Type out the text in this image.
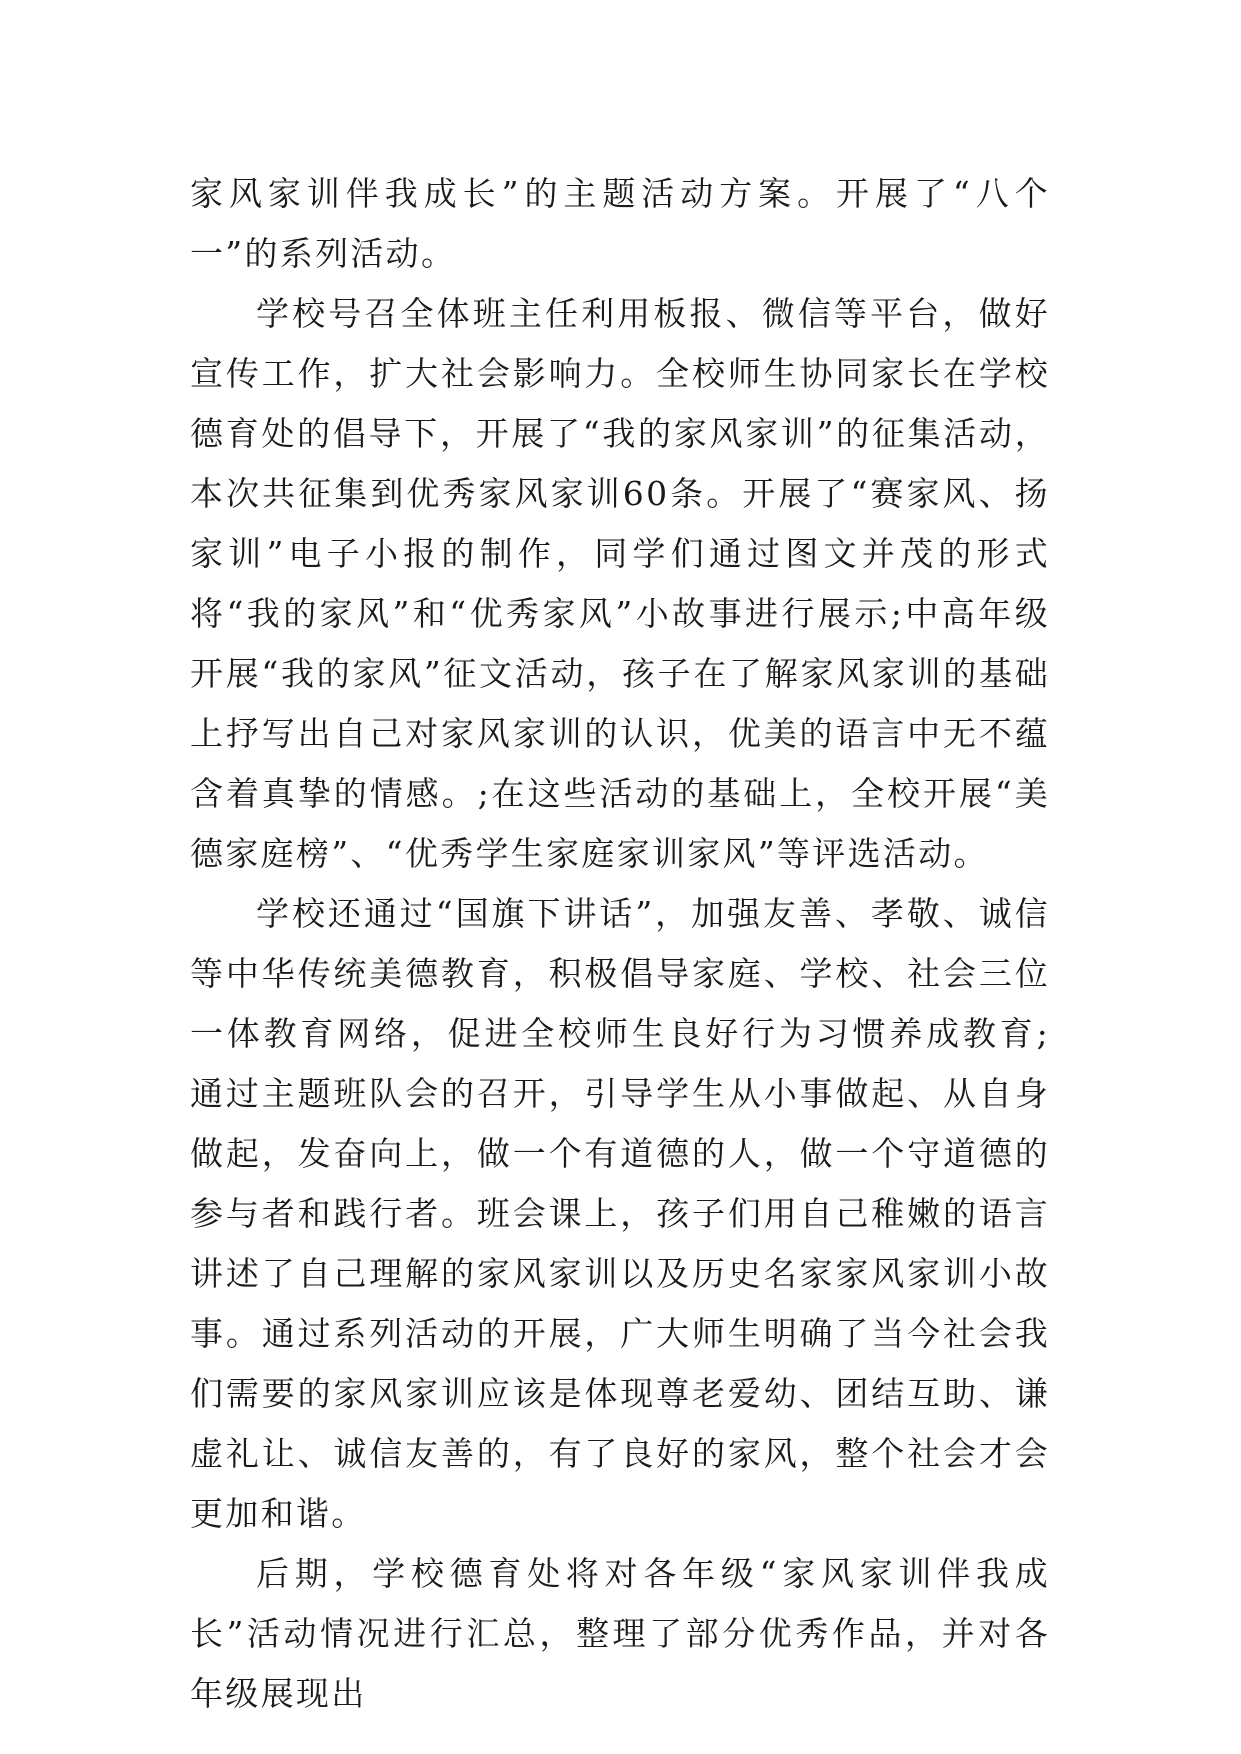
家风家训伴我成长”的主题活动方案。开展了“八个一”的系列活动。

学校号召全体班主任利用板报、微信等平台，做好宣传工作，扩大社会影响力。全校师生协同家长在学校德育处的倡导下，开展了“我的家风家训”的征集活动，本次共征集到优秀家风家训60条。开展了“赛家风、扬家训”电子小报的制作，同学们通过图文并茂的形式将“我的家风”和“优秀家风”小故事进行展示;中高年级开展“我的家风”征文活动，孩子在了解家风家训的基础上抒写出自己对家风家训的认识，优美的语言中无不蕴含着真挚的情感。;在这些活动的基础上，全校开展“美德家庭榜”、“优秀学生家庭家训家风”等评选活动。

学校还通过“国旗下讲话”，加强友善、孝敬、诚信等中华传统美德教育，积极倡导家庭、学校、社会三位一体教育网络，促进全校师生良好行为习惯养成教育;通过主题班队会的召开，引导学生从小事做起、从自身做起，发奋向上，做一个有道德的人，做一个守道德的参与者和践行者。班会课上，孩子们用自己稚嫩的语言讲述了自己理解的家风家训以及历史名家家风家训小故事。通过系列活动的开展，广大师生明确了当今社会我们需要的家风家训应该是体现尊老爱幼、团结互助、谦虚礼让、诚信友善的，有了良好的家风，整个社会才会更加和谐。

后期，学校德育处将对各年级“家风家训伴我成长”活动情况进行汇总，整理了部分优秀作品，并对各年级展现出
